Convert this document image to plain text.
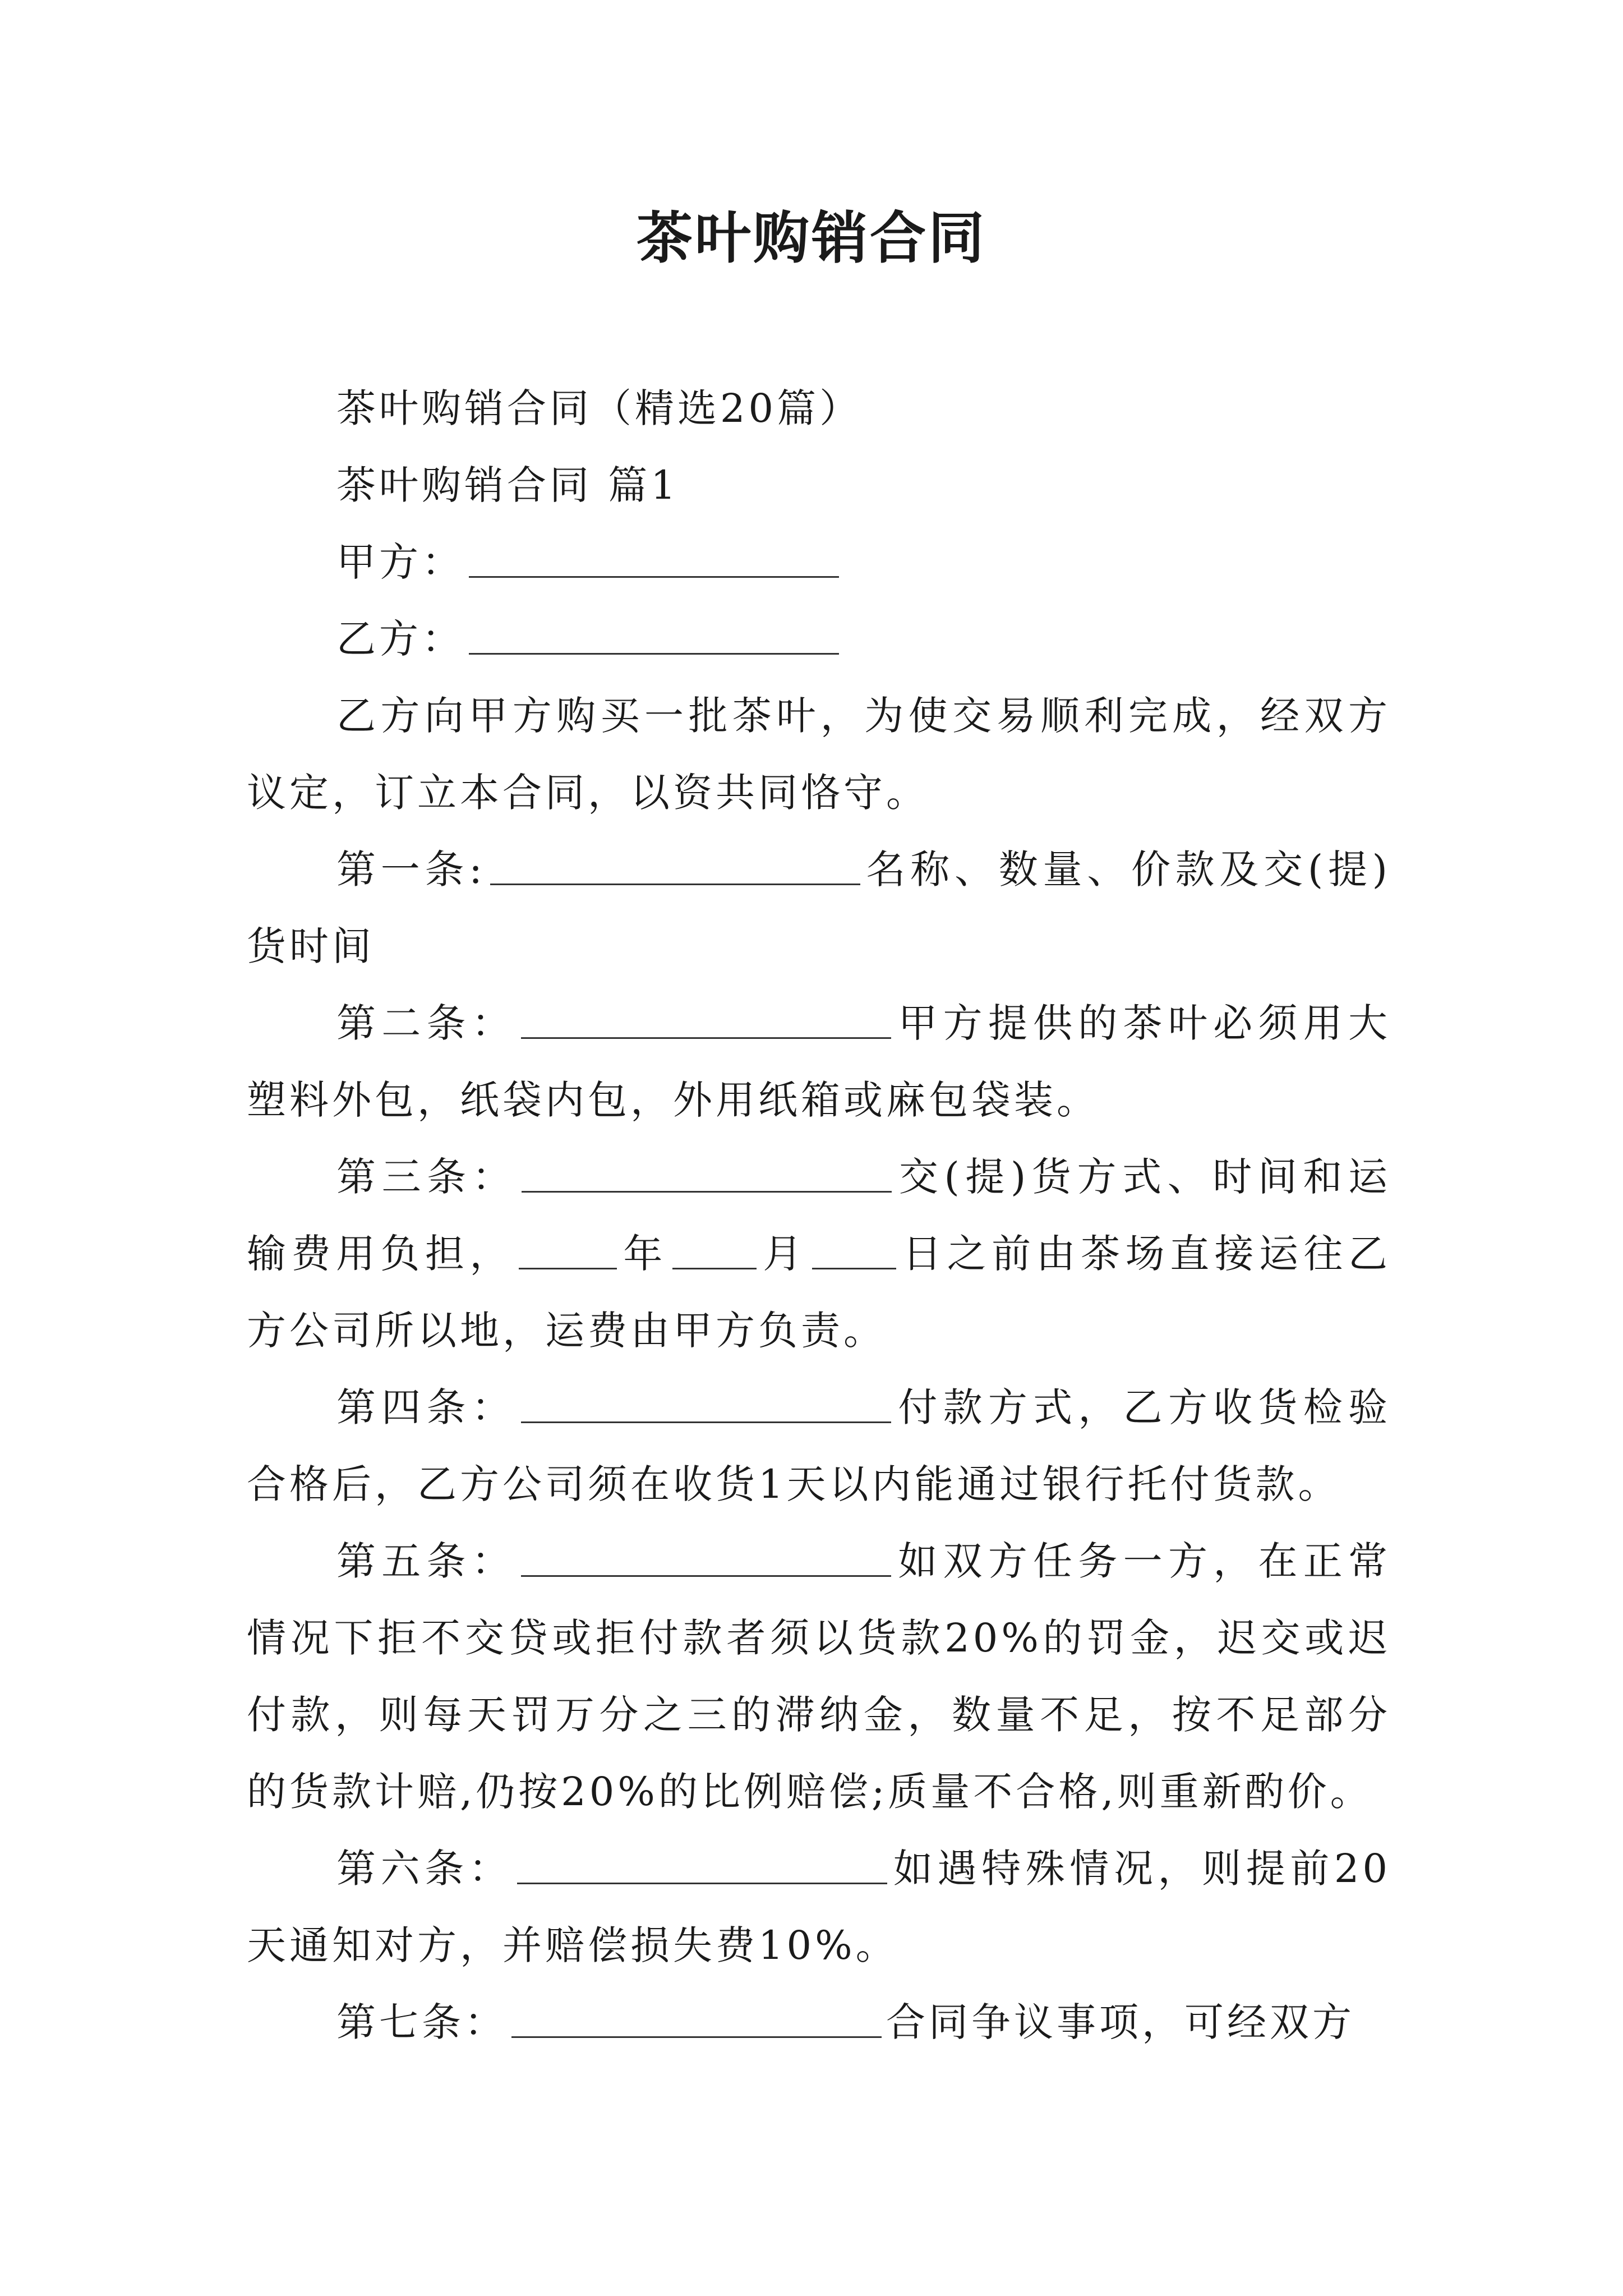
茶叶购销合同

茶叶购销合同（精选20篇）

茶叶购销合同 篇1

甲方：

乙方：

乙方向甲方购买一批茶叶，为使交易顺利完成，经双方议定，订立本合同，以资共同恪守。

第一条:	名称、数量、价款及交(提)货时间

第二条：	甲方提供的茶叶必须用大塑料外包，纸袋内包，外用纸箱或麻包袋装。

第三条：	交(提)货方式、时间和运输费用负担，	年 月 日之前由茶场直接运往乙方公司所以地，运费由甲方负责。

第四条：	付款方式，乙方收货检验合格后，乙方公司须在收货1天以内能通过银行托付货款。

第五条：	如双方任务一方，在正常情况下拒不交贷或拒付款者须以货款20%的罚金，迟交或迟付款，则每天罚万分之三的滞纳金，数量不足，按不足部分的货款计赔,仍按20%的比例赔偿;质量不合格,则重新酌价。

第六条：	如遇特殊情况，则提前20天通知对方，并赔偿损失费10%。

第七条：	合同争议事项，可经双方
